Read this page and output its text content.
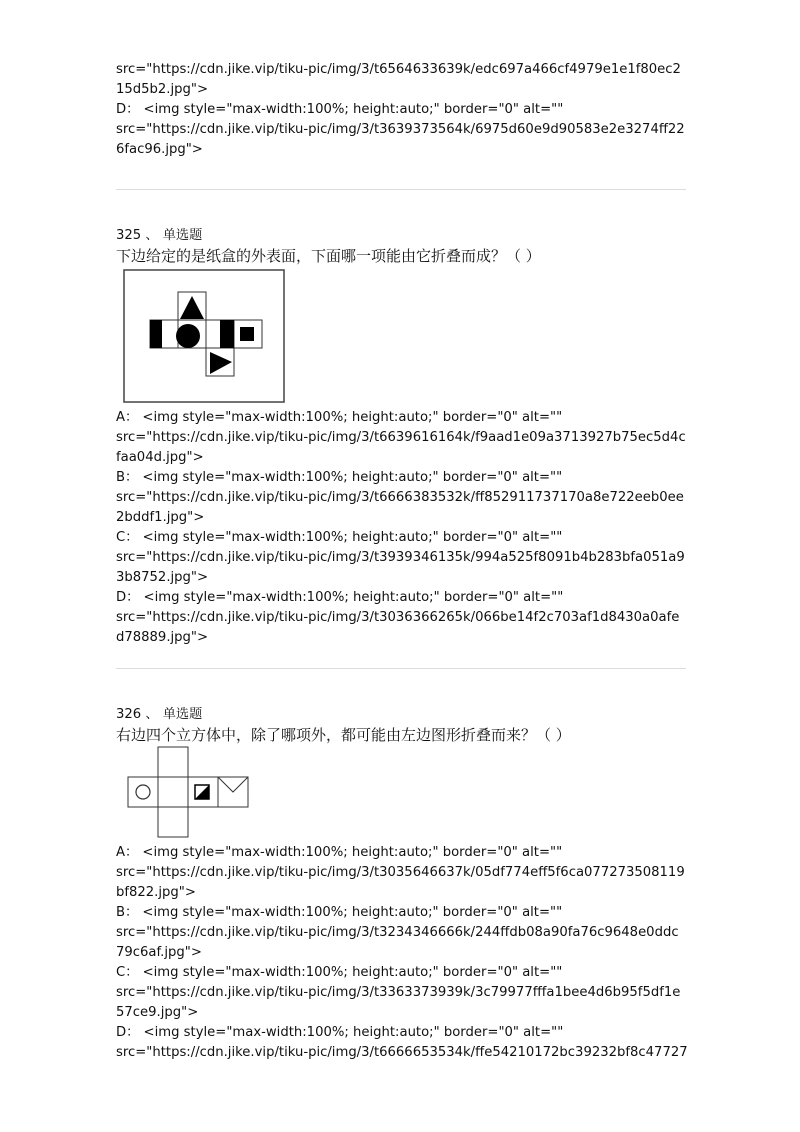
src="https://cdn.jike.vip/tiku-pic/img/3/t6564633639k/edc697a466cf4979e1e1f80ec2
15d5b2.jpg">
D： <img style="max-width:100%; height:auto;" border="0" alt=""
src="https://cdn.jike.vip/tiku-pic/img/3/t3639373564k/6975d60e9d90583e2e3274ff22
6fac96.jpg">
325 、 单选题
下边给定的是纸盒的外表面，下面哪一项能由它折叠而成？（ ）
A： <img style="max-width:100%; height:auto;" border="0" alt=""
src="https://cdn.jike.vip/tiku-pic/img/3/t6639616164k/f9aad1e09a3713927b75ec5d4c
faa04d.jpg">
B： <img style="max-width:100%; height:auto;" border="0" alt=""
src="https://cdn.jike.vip/tiku-pic/img/3/t6666383532k/ff852911737170a8e722eeb0ee
2bddf1.jpg">
C： <img style="max-width:100%; height:auto;" border="0" alt=""
src="https://cdn.jike.vip/tiku-pic/img/3/t3939346135k/994a525f8091b4b283bfa051a9
3b8752.jpg">
D： <img style="max-width:100%; height:auto;" border="0" alt=""
src="https://cdn.jike.vip/tiku-pic/img/3/t3036366265k/066be14f2c703af1d8430a0afe
d78889.jpg">
326 、 单选题
右边四个立方体中，除了哪项外，都可能由左边图形折叠而来？（ ）
A： <img style="max-width:100%; height:auto;" border="0" alt=""
src="https://cdn.jike.vip/tiku-pic/img/3/t3035646637k/05df774eff5f6ca077273508119
bf822.jpg">
B： <img style="max-width:100%; height:auto;" border="0" alt=""
src="https://cdn.jike.vip/tiku-pic/img/3/t3234346666k/244ffdb08a90fa76c9648e0ddc
79c6af.jpg">
C： <img style="max-width:100%; height:auto;" border="0" alt=""
src="https://cdn.jike.vip/tiku-pic/img/3/t3363373939k/3c79977fffa1bee4d6b95f5df1e
57ce9.jpg">
D： <img style="max-width:100%; height:auto;" border="0" alt=""
src="https://cdn.jike.vip/tiku-pic/img/3/t6666653534k/ffe54210172bc39232bf8c47727
